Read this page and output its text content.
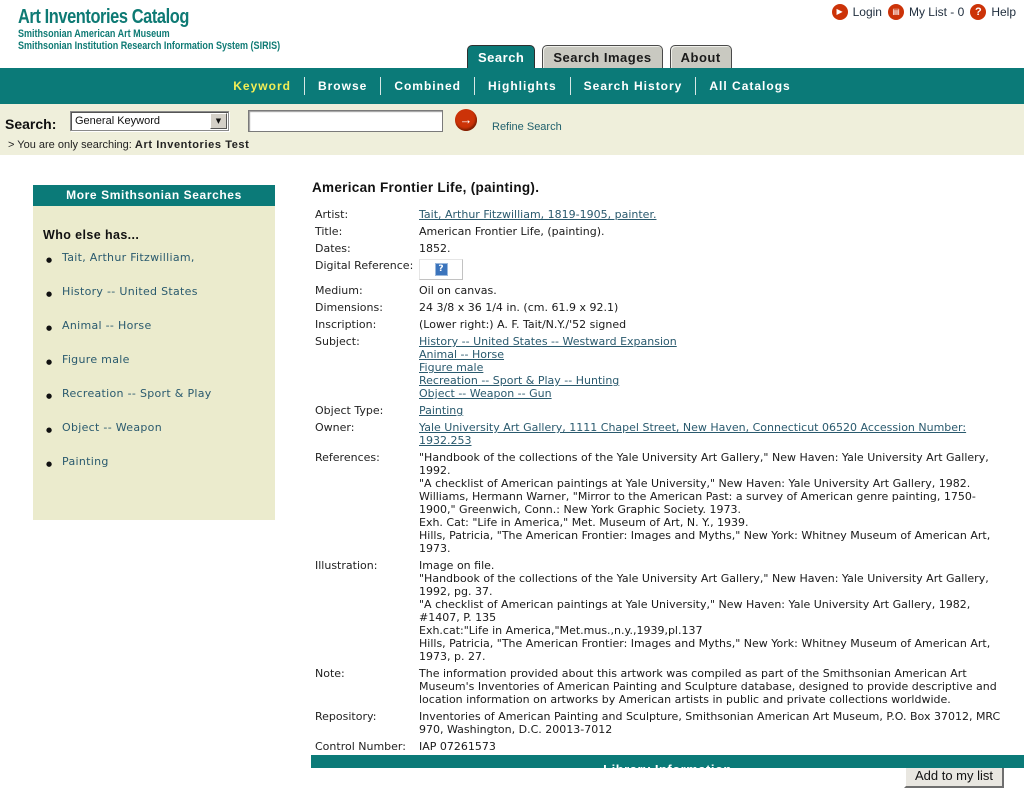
Art Inventories Catalog
Smithsonian American Art Museum
Smithsonian Institution Research Information System (SIRIS)
▶ Login	▤ My List - 0 ? Help
Search	Search Images	About
Keyword	Browse	Combined	Highlights	Search History	All Catalogs
Search:	General Keyword	▼	→	Refine Search
> You are only searching: Art Inventories Test
More Smithsonian Searches
Who else has...
● Tait, Arthur Fitzwilliam,
● History -- United States
● Animal -- Horse
● Figure male
● Recreation -- Sport & Play
● Object -- Weapon
● Painting
American Frontier Life, (painting).
Artist:	Tait, Arthur Fitzwilliam, 1819-1905, painter.
Title:	American Frontier Life, (painting).
Dates:	1852.
Digital Reference:	?
Medium:	Oil on canvas.
Dimensions:	24 3/8 x 36 1/4 in. (cm. 61.9 x 92.1)
Inscription:	(Lower right:) A. F. Tait/N.Y./'52 signed
Subject:	History -- United States -- Westward Expansion
Animal -- Horse
Figure male
Recreation -- Sport & Play -- Hunting
Object -- Weapon -- Gun
Object Type:	Painting
Owner:	Yale University Art Gallery, 1111 Chapel Street, New Haven, Connecticut 06520 Accession Number: 1932.253
References:	"Handbook of the collections of the Yale University Art Gallery," New Haven: Yale University Art Gallery, 1992.
"A checklist of American paintings at Yale University," New Haven: Yale University Art Gallery, 1982.
Williams, Hermann Warner, "Mirror to the American Past: a survey of American genre painting, 1750-1900," Greenwich, Conn.: New York Graphic Society. 1973.
Exh. Cat: "Life in America," Met. Museum of Art, N. Y., 1939.
Hills, Patricia, "The American Frontier: Images and Myths," New York: Whitney Museum of American Art, 1973.
Illustration:	Image on file.
"Handbook of the collections of the Yale University Art Gallery," New Haven: Yale University Art Gallery, 1992, pg. 37.
"A checklist of American paintings at Yale University," New Haven: Yale University Art Gallery, 1982, #1407, P. 135
Exh.cat:"Life in America,"Met.mus.,n.y.,1939,pl.137
Hills, Patricia, "The American Frontier: Images and Myths," New York: Whitney Museum of American Art, 1973, p. 27.
Note:	The information provided about this artwork was compiled as part of the Smithsonian American Art Museum's Inventories of American Painting and Sculpture database, designed to provide descriptive and location information on artworks by American artists in public and private collections worldwide.
Repository:	Inventories of American Painting and Sculpture, Smithsonian American Art Museum, P.O. Box 37012, MRC 970, Washington, D.C. 20013-7012
Control Number:	IAP 07261573
Add to my list
Library Information
